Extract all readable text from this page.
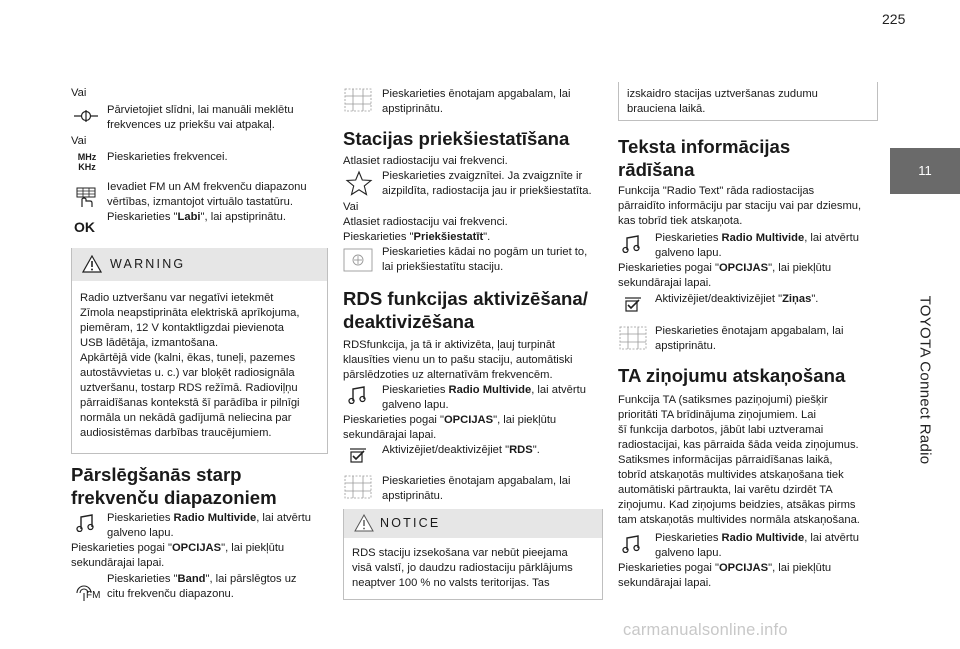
225
11
TOYOTA Connect Radio
Vai
Pārvietojiet slīdni, lai manuāli meklētu
frekvences uz priekšu vai atpakaļ.
Vai
MHz
KHz
Pieskarieties frekvencei.
Ievadiet FM un AM frekvenču diapazonu
vērtības, izmantojot virtuālo tastatūru.
Pieskarieties "Labi", lai apstiprinātu.
OK
WARNING
Radio uztveršanu var negatīvi ietekmēt
Zīmola neapstiprināta elektriskā aprīkojuma,
piemēram, 12 V kontaktligzdai pievienota
USB lādētāja, izmantošana.
Apkārtējā vide (kalni, ēkas, tuneļi, pazemes
autostāvvietas u. c.) var bloķēt radiosignāla
uztveršanu, tostarp RDS režīmā. Radioviļņu
pārraidīšanas kontekstā šī parādība ir pilnīgi
normāla un nekādā gadījumā neliecina par
audiosistēmas darbības traucējumiem.
Pārslēgšanās starp
frekvenču diapazoniem
Pieskarieties Radio Multivide, lai atvērtu
galveno lapu.
Pieskarieties pogai "OPCIJAS", lai piekļūtu
sekundārajai lapai.
FM
Pieskarieties "Band", lai pārslēgtos uz
citu frekvenču diapazonu.
Pieskarieties ēnotajam apgabalam, lai
apstiprinātu.
Stacijas priekšiestatīšana
Atlasiet radiostaciju vai frekvenci.
Pieskarieties zvaigznītei. Ja zvaigznīte ir
aizpildīta, radiostacija jau ir priekšiestatīta.
Vai
Atlasiet radiostaciju vai frekvenci.
Pieskarieties "Priekšiestatīt".
Pieskarieties kādai no pogām un turiet to,
lai priekšiestatītu staciju.
RDS funkcijas aktivizēšana/
deaktivizēšana
RDSfunkcija, ja tā ir aktivizēta, ļauj turpināt
klausīties vienu un to pašu staciju, automātiski
pārslēdzoties uz alternatīvām frekvencēm.
Pieskarieties Radio Multivide, lai atvērtu
galveno lapu.
Pieskarieties pogai "OPCIJAS", lai piekļūtu
sekundārajai lapai.
Aktivizējiet/deaktivizējiet "RDS".
Pieskarieties ēnotajam apgabalam, lai
apstiprinātu.
NOTICE
RDS staciju izsekošana var nebūt pieejama
visā valstī, jo daudzu radiostaciju pārklājums
neaptver 100 % no valsts teritorijas. Tas
izskaidro stacijas uztveršanas zudumu
brauciena laikā.
Teksta informācijas
rādīšana
Funkcija "Radio Text" rāda radiostacijas
pārraidīto informāciju par staciju vai par dziesmu,
kas tobrīd tiek atskaņota.
Pieskarieties Radio Multivide, lai atvērtu
galveno lapu.
Pieskarieties pogai "OPCIJAS", lai piekļūtu
sekundārajai lapai.
Aktivizējiet/deaktivizējiet "Ziņas".
Pieskarieties ēnotajam apgabalam, lai
apstiprinātu.
TA ziņojumu atskaņošana
Funkcija TA (satiksmes paziņojumi) piešķir
prioritāti TA brīdinājuma ziņojumiem. Lai
šī funkcija darbotos, jābūt labi uztveramai
radiostacijai, kas pārraida šāda veida ziņojumus.
Satiksmes informācijas pārraidīšanas laikā,
tobrīd atskaņotās multivides atskaņošana tiek
automātiski pārtraukta, lai varētu dzirdēt TA
ziņojumu. Kad ziņojums beidzies, atsākas pirms
tam atskaņotās multivides normāla atskaņošana.
Pieskarieties Radio Multivide, lai atvērtu
galveno lapu.
Pieskarieties pogai "OPCIJAS", lai piekļūtu
sekundārajai lapai.
carmanualsonline.info
